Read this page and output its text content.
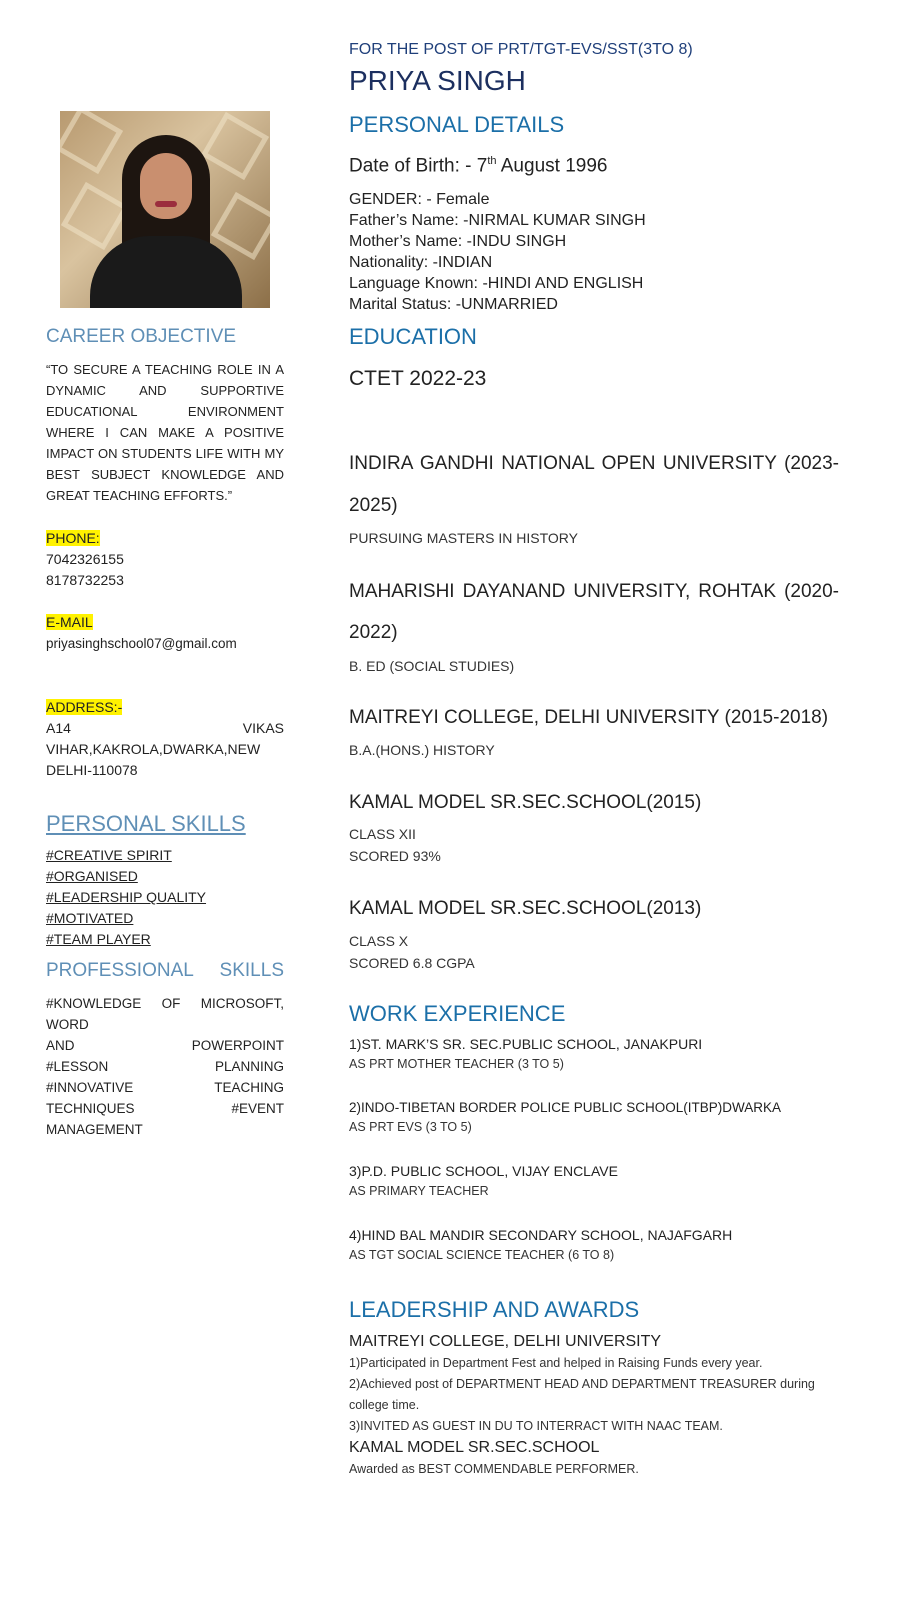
CAREER OBJECTIVE
“TO SECURE A TEACHING ROLE IN A
DYNAMIC AND SUPPORTIVE
EDUCATIONAL ENVIRONMENT
WHERE I CAN MAKE A POSITIVE
IMPACT ON STUDENTS LIFE WITH MY
BEST SUBJECT KNOWLEDGE AND
GREAT TEACHING EFFORTS.”
PHONE:
7042326155
8178732253
E-MAIL
priyasinghschool07@gmail.com
ADDRESS:-
A14 VIKAS
VIHAR,KAKROLA,DWARKA,NEW
DELHI-110078
PERSONAL SKILLS
#CREATIVE SPIRIT
#ORGANISED
#LEADERSHIP QUALITY
#MOTIVATED
#TEAM PLAYER
PROFESSIONAL SKILLS
#KNOWLEDGE OF MICROSOFT, WORD
AND POWERPOINT
#LESSON PLANNING
#INNOVATIVE TEACHING
TECHNIQUES #EVENT
MANAGEMENT
FOR THE POST OF PRT/TGT-EVS/SST(3TO 8)
PRIYA SINGH
PERSONAL DETAILS
Date of Birth: - 7th August 1996
GENDER: - Female
Father’s Name: -NIRMAL KUMAR SINGH
Mother’s Name: -INDU SINGH
Nationality: -INDIAN
Language Known: -HINDI AND ENGLISH
Marital Status: -UNMARRIED
EDUCATION
CTET 2022-23
INDIRA GANDHI NATIONAL OPEN UNIVERSITY (2023-
2025)
PURSUING MASTERS IN HISTORY
MAHARISHI DAYANAND UNIVERSITY, ROHTAK (2020-
2022)
B. ED (SOCIAL STUDIES)
MAITREYI COLLEGE, DELHI UNIVERSITY (2015-2018)
B.A.(HONS.) HISTORY
KAMAL MODEL SR.SEC.SCHOOL(2015)
CLASS XII
SCORED 93%
KAMAL MODEL SR.SEC.SCHOOL(2013)
CLASS X
SCORED 6.8 CGPA
WORK EXPERIENCE
1)ST. MARK’S SR. SEC.PUBLIC SCHOOL, JANAKPURI
AS PRT MOTHER TEACHER (3 TO 5)
2)INDO-TIBETAN BORDER POLICE PUBLIC SCHOOL(ITBP)DWARKA
AS PRT EVS (3 TO 5)
3)P.D. PUBLIC SCHOOL, VIJAY ENCLAVE
AS PRIMARY TEACHER
4)HIND BAL MANDIR SECONDARY SCHOOL, NAJAFGARH
AS TGT SOCIAL SCIENCE TEACHER (6 TO 8)
LEADERSHIP AND AWARDS
MAITREYI COLLEGE, DELHI UNIVERSITY
1)Participated in Department Fest and helped in Raising Funds every year.
2)Achieved post of DEPARTMENT HEAD AND DEPARTMENT TREASURER during
college time.
3)INVITED AS GUEST IN DU TO INTERRACT WITH NAAC TEAM.
KAMAL MODEL SR.SEC.SCHOOL
Awarded as BEST COMMENDABLE PERFORMER.
